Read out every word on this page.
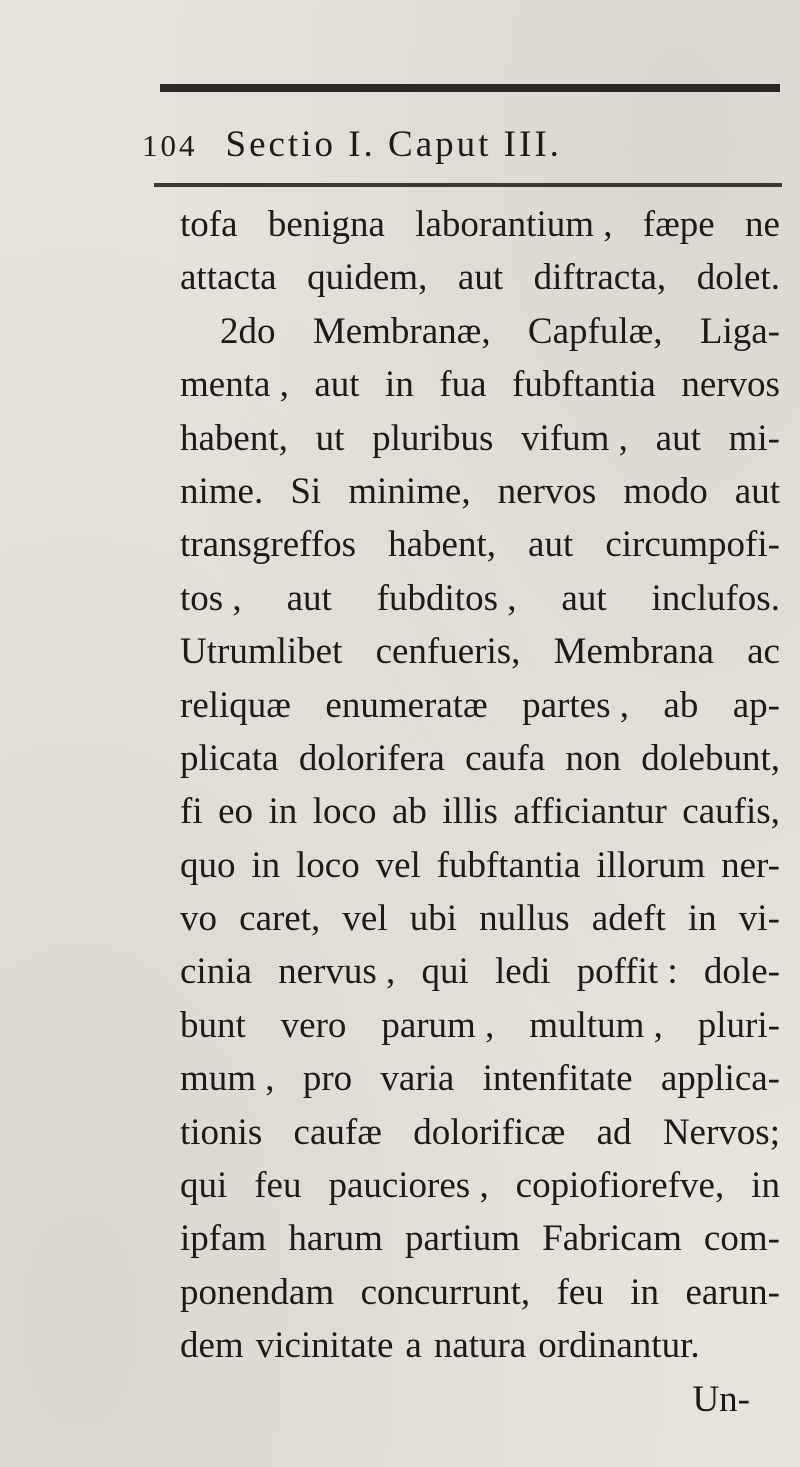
104 Sectio I. Caput III.
tofa benigna laborantium , fæpe ne
attacta quidem, aut diftracta, dolet.
2do Membranæ, Capfulæ, Liga-
menta , aut in fua fubftantia nervos
habent, ut pluribus vifum , aut mi-
nime. Si minime, nervos modo aut
transgreffos habent, aut circumpofi-
tos , aut fubditos , aut inclufos.
Utrumlibet cenfueris, Membrana ac
reliquæ enumeratæ partes , ab ap-
plicata dolorifera caufa non dolebunt,
fi eo in loco ab illis afficiantur caufis,
quo in loco vel fubftantia illorum ner-
vo caret, vel ubi nullus adeft in vi-
cinia nervus , qui ledi poffit : dole-
bunt vero parum , multum , pluri-
mum , pro varia intenfitate applica-
tionis caufæ dolorificæ ad Nervos;
qui feu pauciores , copiofiorefve, in
ipfam harum partium Fabricam com-
ponendam concurrunt, feu in earun-
dem vicinitate a natura ordinantur.
Un-
